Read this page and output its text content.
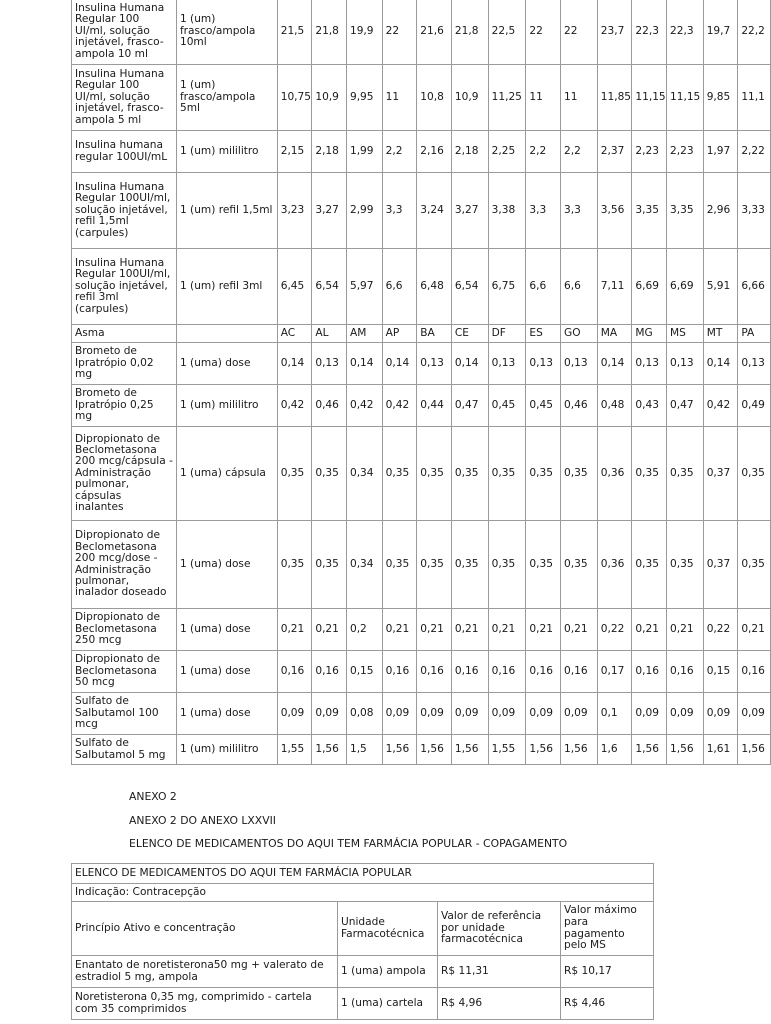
Insulina Humana Regular 100 UI/ml, solução injetável, frasco-ampola 10 ml	1 (um) frasco/ampola 10ml	21,5	21,8	19,9	22	21,6	21,8	22,5	22	22	23,7	22,3	22,3	19,7	22,2
Insulina Humana Regular 100 UI/ml, solução injetável, frasco-ampola 5 ml	1 (um) frasco/ampola 5ml	10,75	10,9	9,95	11	10,8	10,9	11,25	11	11	11,85	11,15	11,15	9,85	11,1
Insulina humana regular 100UI/mL	1 (um) mililitro	2,15	2,18	1,99	2,2	2,16	2,18	2,25	2,2	2,2	2,37	2,23	2,23	1,97	2,22
Insulina Humana Regular 100UI/ml, solução injetável, refil 1,5ml (carpules)	1 (um) refil 1,5ml	3,23	3,27	2,99	3,3	3,24	3,27	3,38	3,3	3,3	3,56	3,35	3,35	2,96	3,33
Insulina Humana Regular 100UI/ml, solução injetável, refil 3ml (carpules)	1 (um) refil 3ml	6,45	6,54	5,97	6,6	6,48	6,54	6,75	6,6	6,6	7,11	6,69	6,69	5,91	6,66
Asma		AC	AL	AM	AP	BA	CE	DF	ES	GO	MA	MG	MS	MT	PA
Brometo de Ipratrópio 0,02 mg	1 (uma) dose	0,14	0,13	0,14	0,14	0,13	0,14	0,13	0,13	0,13	0,14	0,13	0,13	0,14	0,13
Brometo de Ipratrópio 0,25 mg	1 (um) mililitro	0,42	0,46	0,42	0,42	0,44	0,47	0,45	0,45	0,46	0,48	0,43	0,47	0,42	0,49
Dipropionato de Beclometasona 200 mcg/cápsula - Administração pulmonar, cápsulas inalantes	1 (uma) cápsula	0,35	0,35	0,34	0,35	0,35	0,35	0,35	0,35	0,35	0,36	0,35	0,35	0,37	0,35
Dipropionato de Beclometasona 200 mcg/dose - Administração pulmonar, inalador doseado	1 (uma) dose	0,35	0,35	0,34	0,35	0,35	0,35	0,35	0,35	0,35	0,36	0,35	0,35	0,37	0,35
Dipropionato de Beclometasona 250 mcg	1 (uma) dose	0,21	0,21	0,2	0,21	0,21	0,21	0,21	0,21	0,21	0,22	0,21	0,21	0,22	0,21
Dipropionato de Beclometasona 50 mcg	1 (uma) dose	0,16	0,16	0,15	0,16	0,16	0,16	0,16	0,16	0,16	0,17	0,16	0,16	0,15	0,16
Sulfato de Salbutamol 100 mcg	1 (uma) dose	0,09	0,09	0,08	0,09	0,09	0,09	0,09	0,09	0,09	0,1	0,09	0,09	0,09	0,09
Sulfato de Salbutamol 5 mg	1 (um) mililitro	1,55	1,56	1,5	1,56	1,56	1,56	1,55	1,56	1,56	1,6	1,56	1,56	1,61	1,56
ANEXO 2
ANEXO 2 DO ANEXO LXXVII
ELENCO DE MEDICAMENTOS DO AQUI TEM FARMÁCIA POPULAR - COPAGAMENTO
ELENCO DE MEDICAMENTOS DO AQUI TEM FARMÁCIA POPULAR			
Indicação: Contracepção			
Princípio Ativo e concentração	Unidade Farmacotécnica	Valor de referência por unidade farmacotécnica	Valor máximo para pagamento pelo MS
Enantato de noretisterona50 mg + valerato de estradiol 5 mg, ampola	1 (uma) ampola	R$ 11,31	R$ 10,17
Noretisterona 0,35 mg, comprimido - cartela com 35 comprimidos	1 (uma) cartela	R$ 4,96	R$ 4,46
